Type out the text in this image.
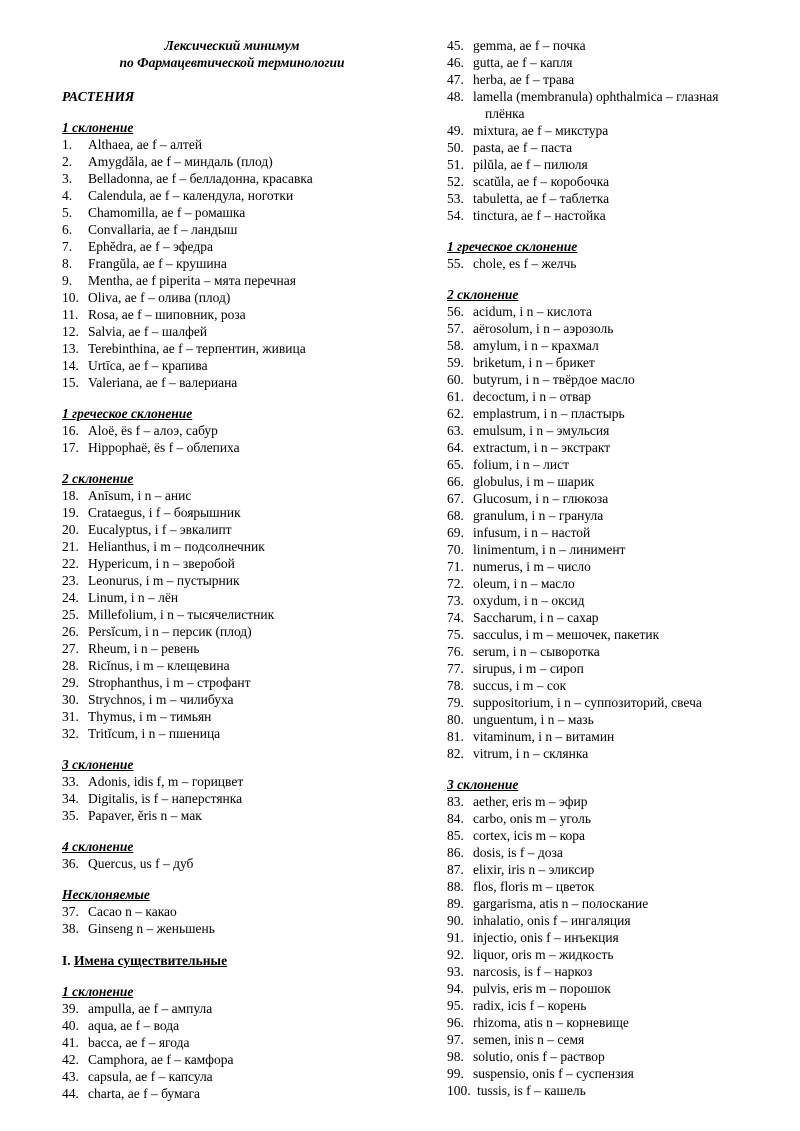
Лексический минимум
по Фармацевтической терминологии
РАСТЕНИЯ
1 склонение
1. Althaea, ae f – алтей
2. Amygdăla, ae f – миндаль (плод)
3. Belladonna, ae f – белладонна, красавка
4. Calendula, ae f – календула, ноготки
5. Chamomilla, ae f – ромашка
6. Convallaria, ae f – ландыш
7. Ephĕdra, ae f – эфедра
8. Frangŭla, ae f – крушина
9. Mentha, ae f piperita – мята перечная
10. Oliva, ae f – олива (плод)
11. Rosa, ae f – шиповник, роза
12. Salvia, ae f – шалфей
13. Terebinthina, ae f – терпентин, живица
14. Urtīca, ae f – крапива
15. Valeriana, ae f – валериана
1 греческое склонение
16. Aloë, ës f – алоэ, сабур
17. Hippophaë, ës f – облепиха
2 склонение
18. Anīsum, i n – анис
19. Crataegus, i f – боярышник
20. Eucalyptus, i f – эвкалипт
21. Helianthus, i m – подсолнечник
22. Hypericum, i n – зверобой
23. Leonurus, i m – пустырник
24. Linum, i n – лён
25. Millefolium, i n – тысячелистник
26. Persĭcum, i n – персик (плод)
27. Rheum, i n – ревень
28. Ricĭnus, i m – клещевина
29. Strophanthus, i m – строфант
30. Strychnos, i m – чилибуха
31. Thymus, i m – тимьян
32. Tritĭcum, i n – пшеница
3 склонение
33. Adonis, idis f, m – горицвет
34. Digitalis, is f – наперстянка
35. Papaver, ĕris n – мак
4 склонение
36. Quercus, us f – дуб
Несклоняемые
37. Cacao n – какао
38. Ginseng n – женьшень
I. Имена существительные
1 склонение
39. ampulla, ae f – ампула
40. aqua, ae f – вода
41. bacca, ae f – ягода
42. Camphora, ae f – камфора
43. capsula, ae f – капсула
44. charta, ae f – бумага
45. gemma, ae f – почка
46. gutta, ae f – капля
47. herba, ae f – трава
48. lamella (membranula) ophthalmica – глазная
плёнка
49. mixtura, ae f – микстура
50. pasta, ae f – паста
51. pilŭla, ae f – пилюля
52. scatŭla, ae f – коробочка
53. tabuletta, ae f – таблетка
54. tinctura, ae f – настойка
1 греческое склонение
55. chole, es f – желчь
2 склонение
56. acidum, i n – кислота
57. aërosolum, i n – аэрозоль
58. amylum, i n – крахмал
59. briketum, i n – брикет
60. butyrum, i n – твёрдое масло
61. decoctum, i n – отвар
62. emplastrum, i n – пластырь
63. emulsum, i n – эмульсия
64. extractum, i n – экстракт
65. folium, i n – лист
66. globulus, i m – шарик
67. Glucosum, i n – глюкоза
68. granulum, i n – гранула
69. infusum, i n – настой
70. linimentum, i n – линимент
71. numerus, i m – число
72. oleum, i n – масло
73. oxydum, i n – оксид
74. Saccharum, i n – сахар
75. sacculus, i m – мешочек, пакетик
76. serum, i n – сыворотка
77. sirupus, i m – сироп
78. succus, i m – сок
79. suppositorium, i n – суппозиторий, свеча
80. unguentum, i n – мазь
81. vitaminum, i n – витамин
82. vitrum, i n – склянка
3 склонение
83. aether, eris m – эфир
84. carbo, onis m – уголь
85. cortex, icis m – кора
86. dosis, is f – доза
87. elixir, iris n – эликсир
88. flos, floris m – цветок
89. gargarisma, atis n – полоскание
90. inhalatio, onis f – ингаляция
91. injectio, onis f – инъекция
92. liquor, oris m – жидкость
93. narcosis, is f – наркоз
94. pulvis, eris m – порошок
95. radix, icis f – корень
96. rhizoma, atis n – корневище
97. semen, inis n – семя
98. solutio, onis f – раствор
99. suspensio, onis f – суспензия
100. tussis, is f – кашель
